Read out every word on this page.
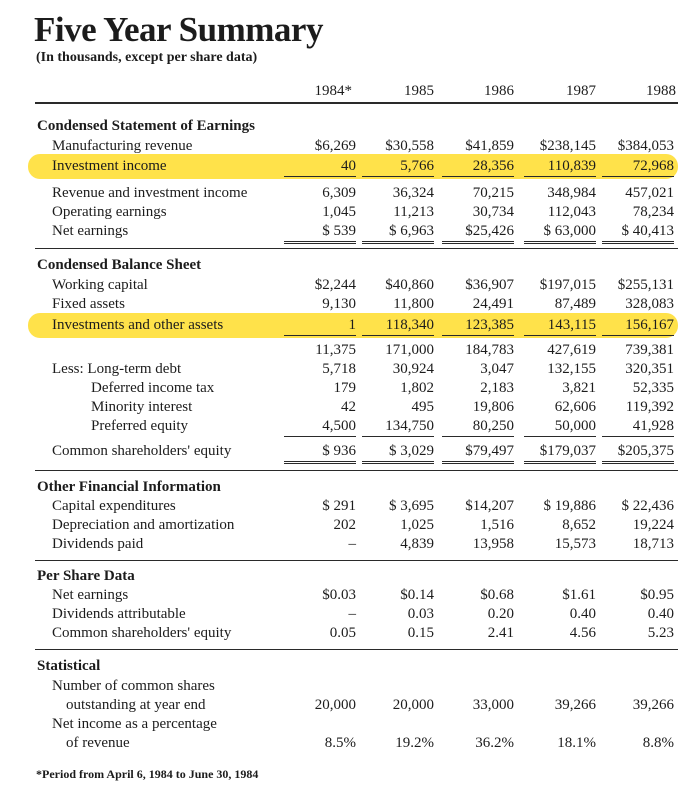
Five Year Summary
(In thousands, except per share data)
1984*	1985	1986	1987	1988
Condensed Statement of Earnings
Manufacturing revenue	$6,269	$30,558	$41,859	$238,145	$384,053
Investment income	40	5,766	28,356	110,839	72,968
Revenue and investment income	6,309	36,324	70,215	348,984	457,021
Operating earnings	1,045	11,213	30,734	112,043	78,234
Net earnings	$ 539	$ 6,963	$25,426	$ 63,000	$ 40,413
Condensed Balance Sheet
Working capital	$2,244	$40,860	$36,907	$197,015	$255,131
Fixed assets	9,130	11,800	24,491	87,489	328,083
Investments and other assets	1	118,340	123,385	143,115	156,167
11,375	171,000	184,783	427,619	739,381
Less: Long-term debt	5,718	30,924	3,047	132,155	320,351
Deferred income tax	179	1,802	2,183	3,821	52,335
Minority interest	42	495	19,806	62,606	119,392
Preferred equity	4,500	134,750	80,250	50,000	41,928
Common shareholders' equity	$ 936	$ 3,029	$79,497	$179,037	$205,375
Other Financial Information
Capital expenditures	$ 291	$ 3,695	$14,207	$ 19,886	$ 22,436
Depreciation and amortization	202	1,025	1,516	8,652	19,224
Dividends paid	–	4,839	13,958	15,573	18,713
Per Share Data
Net earnings	$0.03	$0.14	$0.68	$1.61	$0.95
Dividends attributable	–	0.03	0.20	0.40	0.40
Common shareholders' equity	0.05	0.15	2.41	4.56	5.23
Statistical
Number of common shares
outstanding at year end	20,000	20,000	33,000	39,266	39,266
Net income as a percentage
of revenue	8.5%	19.2%	36.2%	18.1%	8.8%
*Period from April 6, 1984 to June 30, 1984
